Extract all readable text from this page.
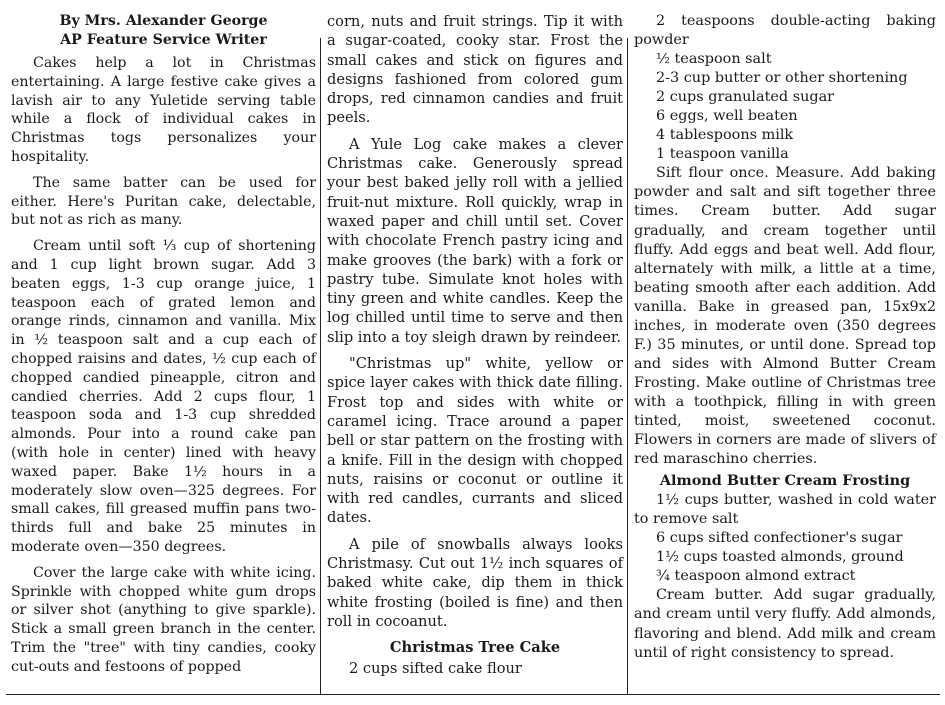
By Mrs. Alexander George
AP Feature Service Writer

Cakes help a lot in Christmas entertaining. A large festive cake gives a lavish air to any Yuletide serving table while a flock of individual cakes in Christmas togs personalizes your hospitality.

The same batter can be used for either. Here's Puritan cake, delectable, but not as rich as many.

Cream until soft ⅓ cup of shortening and 1 cup light brown sugar. Add 3 beaten eggs, 1-3 cup orange juice, 1 teaspoon each of grated lemon and orange rinds, cinnamon and vanilla. Mix in ½ teaspoon salt and a cup each of chopped raisins and dates, ½ cup each of chopped candied pineapple, citron and candied cherries. Add 2 cups flour, 1 teaspoon soda and 1-3 cup shredded almonds. Pour into a round cake pan (with hole in center) lined with heavy waxed paper. Bake 1½ hours in a moderately slow oven—325 degrees. For small cakes, fill greased muffin pans two-thirds full and bake 25 minutes in moderate oven—350 degrees.

Cover the large cake with white icing. Sprinkle with chopped white gum drops or silver shot (anything to give sparkle). Stick a small green branch in the center. Trim the "tree" with tiny candies, cooky cut-outs and festoons of popped

corn, nuts and fruit strings. Tip it with a sugar-coated, cooky star. Frost the small cakes and stick on figures and designs fashioned from colored gum drops, red cinnamon candies and fruit peels.

A Yule Log cake makes a clever Christmas cake. Generously spread your best baked jelly roll with a jellied fruit-nut mixture. Roll quickly, wrap in waxed paper and chill until set. Cover with chocolate French pastry icing and make grooves (the bark) with a fork or pastry tube. Simulate knot holes with tiny green and white candles. Keep the log chilled until time to serve and then slip into a toy sleigh drawn by reindeer.

"Christmas up" white, yellow or spice layer cakes with thick date filling. Frost top and sides with white or caramel icing. Trace around a paper bell or star pattern on the frosting with a knife. Fill in the design with chopped nuts, raisins or coconut or outline it with red candles, currants and sliced dates.

A pile of snowballs always looks Christmasy. Cut out 1½ inch squares of baked white cake, dip them in thick white frosting (boiled is fine) and then roll in cocoanut.

Christmas Tree Cake
2 cups sifted cake flour
2 teaspoons double-acting baking powder
½ teaspoon salt
2-3 cup butter or other shortening
2 cups granulated sugar
6 eggs, well beaten
4 tablespoons milk
1 teaspoon vanilla

Sift flour once. Measure. Add baking powder and salt and sift together three times. Cream butter. Add sugar gradually, and cream together until fluffy. Add eggs and beat well. Add flour, alternately with milk, a little at a time, beating smooth after each addition. Add vanilla. Bake in greased pan, 15x9x2 inches, in moderate oven (350 degrees F.) 35 minutes, or until done. Spread top and sides with Almond Butter Cream Frosting. Make outline of Christmas tree with a toothpick, filling in with green tinted, moist, sweetened coconut. Flowers in corners are made of slivers of red maraschino cherries.

Almond Butter Cream Frosting
1½ cups butter, washed in cold water to remove salt
6 cups sifted confectioner's sugar
1½ cups toasted almonds, ground
¾ teaspoon almond extract

Cream butter. Add sugar gradually, and cream until very fluffy. Add almonds, flavoring and blend. Add milk and cream until of right consistency to spread.
